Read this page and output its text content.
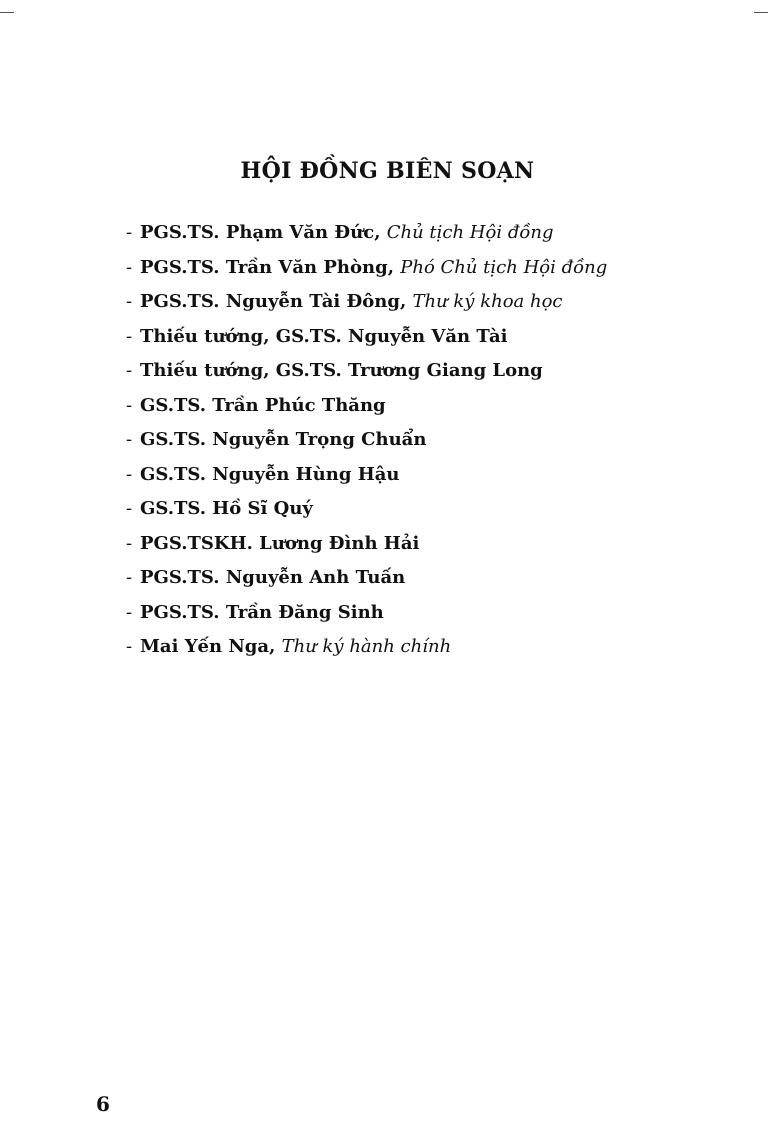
HỘI ĐỒNG BIÊN SOẠN
- PGS.TS. Phạm Văn Đức, Chủ tịch Hội đồng
- PGS.TS. Trần Văn Phòng, Phó Chủ tịch Hội đồng
- PGS.TS. Nguyễn Tài Đông, Thư ký khoa học
- Thiếu tướng, GS.TS. Nguyễn Văn Tài
- Thiếu tướng, GS.TS. Trương Giang Long
- GS.TS. Trần Phúc Thăng
- GS.TS. Nguyễn Trọng Chuẩn
- GS.TS. Nguyễn Hùng Hậu
- GS.TS. Hồ Sĩ Quý
- PGS.TSKH. Lương Đình Hải
- PGS.TS. Nguyễn Anh Tuấn
- PGS.TS. Trần Đăng Sinh
- Mai Yến Nga, Thư ký hành chính
6
